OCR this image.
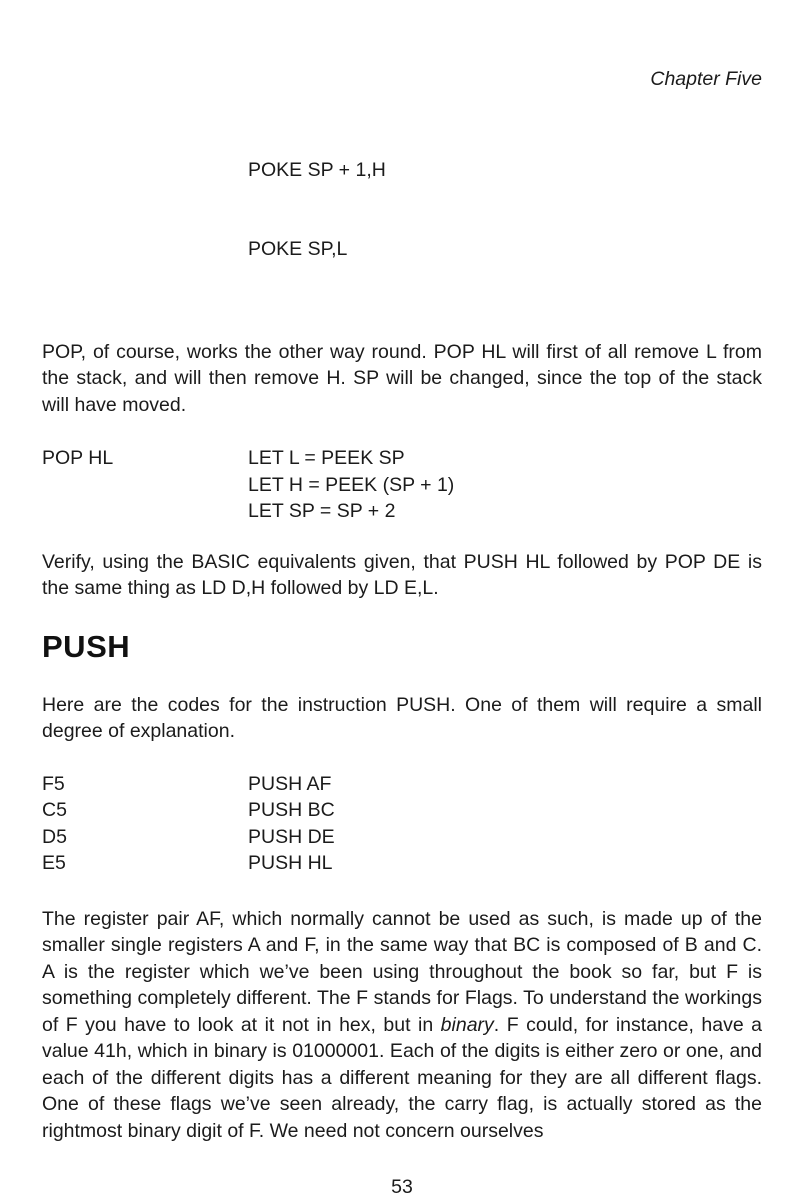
Chapter Five

POKE SP + 1,H

POKE SP,L

POP, of course, works the other way round. POP HL will first of all remove L from the stack, and will then remove H. SP will be changed, since the top of the stack will have moved.

POP HL	LET L = PEEK SP
LET H = PEEK (SP + 1)
LET SP = SP + 2

Verify, using the BASIC equivalents given, that PUSH HL followed by POP DE is the same thing as LD D,H followed by LD E,L.

PUSH

Here are the codes for the instruction PUSH. One of them will require a small degree of explanation.

F5	PUSH AF
C5	PUSH BC
D5	PUSH DE
E5	PUSH HL

The register pair AF, which normally cannot be used as such, is made up of the smaller single registers A and F, in the same way that BC is composed of B and C. A is the register which we’ve been using throughout the book so far, but F is something completely different. The F stands for Flags. To understand the workings of F you have to look at it not in hex, but in binary. F could, for instance, have a value 41h, which in binary is 01000001. Each of the digits is either zero or one, and each of the different digits has a different meaning for they are all different flags. One of these flags we’ve seen already, the carry flag, is actually stored as the rightmost binary digit of F. We need not concern ourselves

53
